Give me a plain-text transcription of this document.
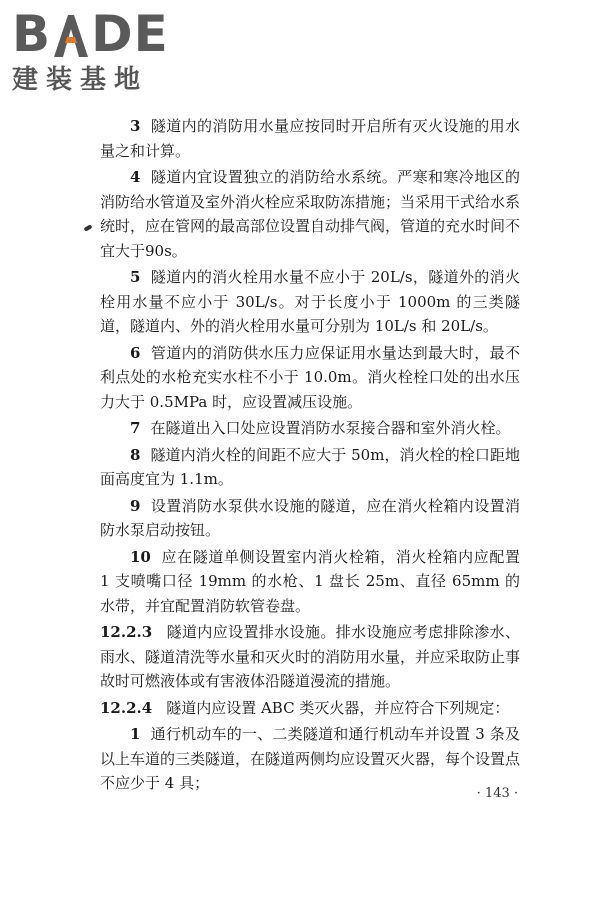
B D E
建装基地

3 隧道内的消防用水量应按同时开启所有灭火设施的用水量之和计算。

4 隧道内宜设置独立的消防给水系统。严寒和寒冷地区的消防给水管道及室外消火栓应采取防冻措施；当采用干式给水系统时，应在管网的最高部位设置自动排气阀，管道的充水时间不宜大于90s。

5 隧道内的消火栓用水量不应小于 20L/s，隧道外的消火栓用水量不应小于 30L/s。对于长度小于 1000m 的三类隧道，隧道内、外的消火栓用水量可分别为 10L/s 和 20L/s。

6 管道内的消防供水压力应保证用水量达到最大时，最不利点处的水枪充实水柱不小于 10.0m。消火栓栓口处的出水压力大于 0.5MPa 时，应设置减压设施。

7 在隧道出入口处应设置消防水泵接合器和室外消火栓。

8 隧道内消火栓的间距不应大于 50m，消火栓的栓口距地面高度宜为 1.1m。

9 设置消防水泵供水设施的隧道，应在消火栓箱内设置消防水泵启动按钮。

10 应在隧道单侧设置室内消火栓箱，消火栓箱内应配置 1 支喷嘴口径 19mm 的水枪、1 盘长 25m、直径 65mm 的水带，并宜配置消防软管卷盘。

12.2.3 隧道内应设置排水设施。排水设施应考虑排除渗水、雨水、隧道清洗等水量和灭火时的消防用水量，并应采取防止事故时可燃液体或有害液体沿隧道漫流的措施。

12.2.4 隧道内应设置 ABC 类灭火器，并应符合下列规定：

1 通行机动车的一、二类隧道和通行机动车并设置 3 条及以上车道的三类隧道，在隧道两侧均应设置灭火器，每个设置点不应少于 4 具；

· 143 ·
